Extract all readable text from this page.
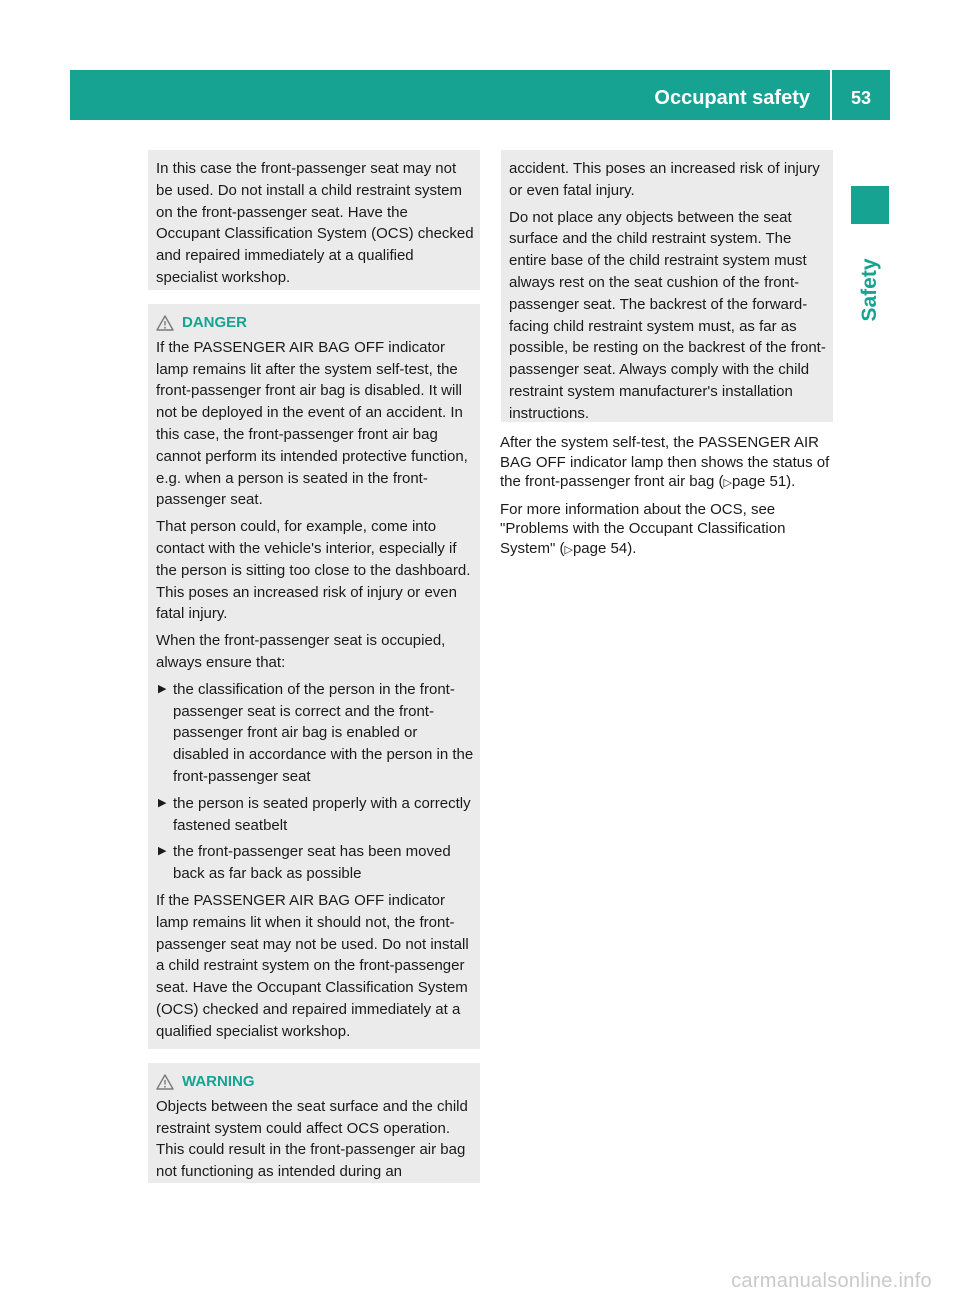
Occupant safety	53
Safety

In this case the front-passenger seat may not be used. Do not install a child restraint system on the front-passenger seat. Have the Occupant Classification System (OCS) checked and repaired immediately at a qualified specialist workshop.

DANGER

If the PASSENGER AIR BAG OFF indicator lamp remains lit after the system self-test, the front-passenger front air bag is disabled. It will not be deployed in the event of an accident. In this case, the front-passenger front air bag cannot perform its intended protective function, e.g. when a person is seated in the front-passenger seat.

That person could, for example, come into contact with the vehicle's interior, especially if the person is sitting too close to the dashboard. This poses an increased risk of injury or even fatal injury.

When the front-passenger seat is occupied, always ensure that:

▶ the classification of the person in the front-passenger seat is correct and the front-passenger front air bag is enabled or disabled in accordance with the person in the front-passenger seat
▶ the person is seated properly with a correctly fastened seatbelt
▶ the front-passenger seat has been moved back as far back as possible

If the PASSENGER AIR BAG OFF indicator lamp remains lit when it should not, the front-passenger seat may not be used. Do not install a child restraint system on the front-passenger seat. Have the Occupant Classification System (OCS) checked and repaired immediately at a qualified specialist workshop.

WARNING

Objects between the seat surface and the child restraint system could affect OCS operation. This could result in the front-passenger air bag not functioning as intended during an

accident. This poses an increased risk of injury or even fatal injury.

Do not place any objects between the seat surface and the child restraint system. The entire base of the child restraint system must always rest on the seat cushion of the front-passenger seat. The backrest of the forward-facing child restraint system must, as far as possible, be resting on the backrest of the front-passenger seat. Always comply with the child restraint system manufacturer's installation instructions.

After the system self-test, the PASSENGER AIR BAG OFF indicator lamp then shows the status of the front-passenger front air bag (▷page 51).

For more information about the OCS, see "Problems with the Occupant Classification System" (▷page 54).

carmanualsonline.info
